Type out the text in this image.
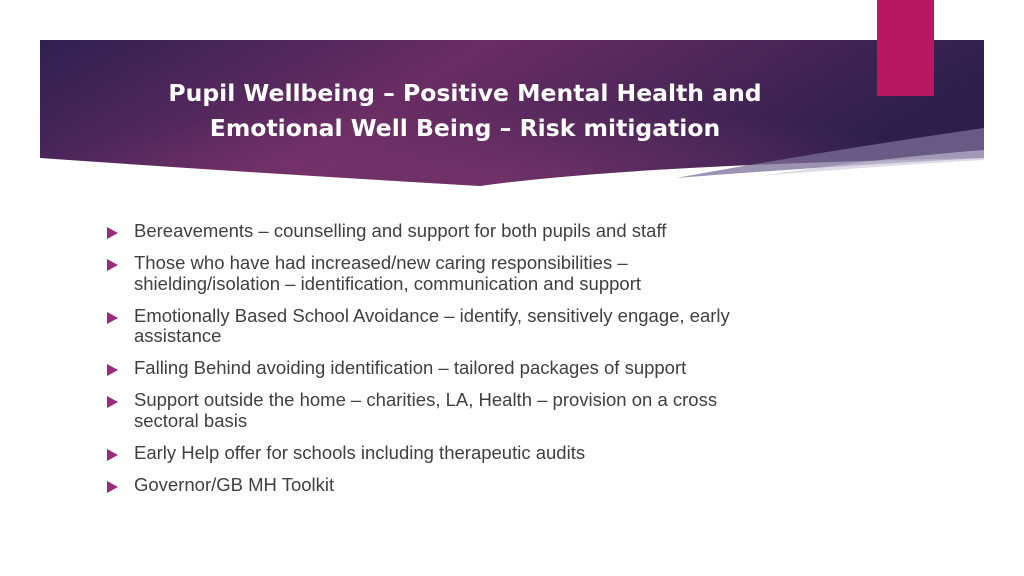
Pupil Wellbeing – Positive Mental Health and
Emotional Well Being – Risk mitigation
Bereavements – counselling and support for both pupils and staff
Those who have had increased/new caring responsibilities –
shielding/isolation – identification, communication and support
Emotionally Based School Avoidance – identify, sensitively engage, early
assistance
Falling Behind avoiding identification – tailored packages of support
Support outside the home – charities, LA, Health – provision on a cross
sectoral basis
Early Help offer for schools including therapeutic audits
Governor/GB MH Toolkit
